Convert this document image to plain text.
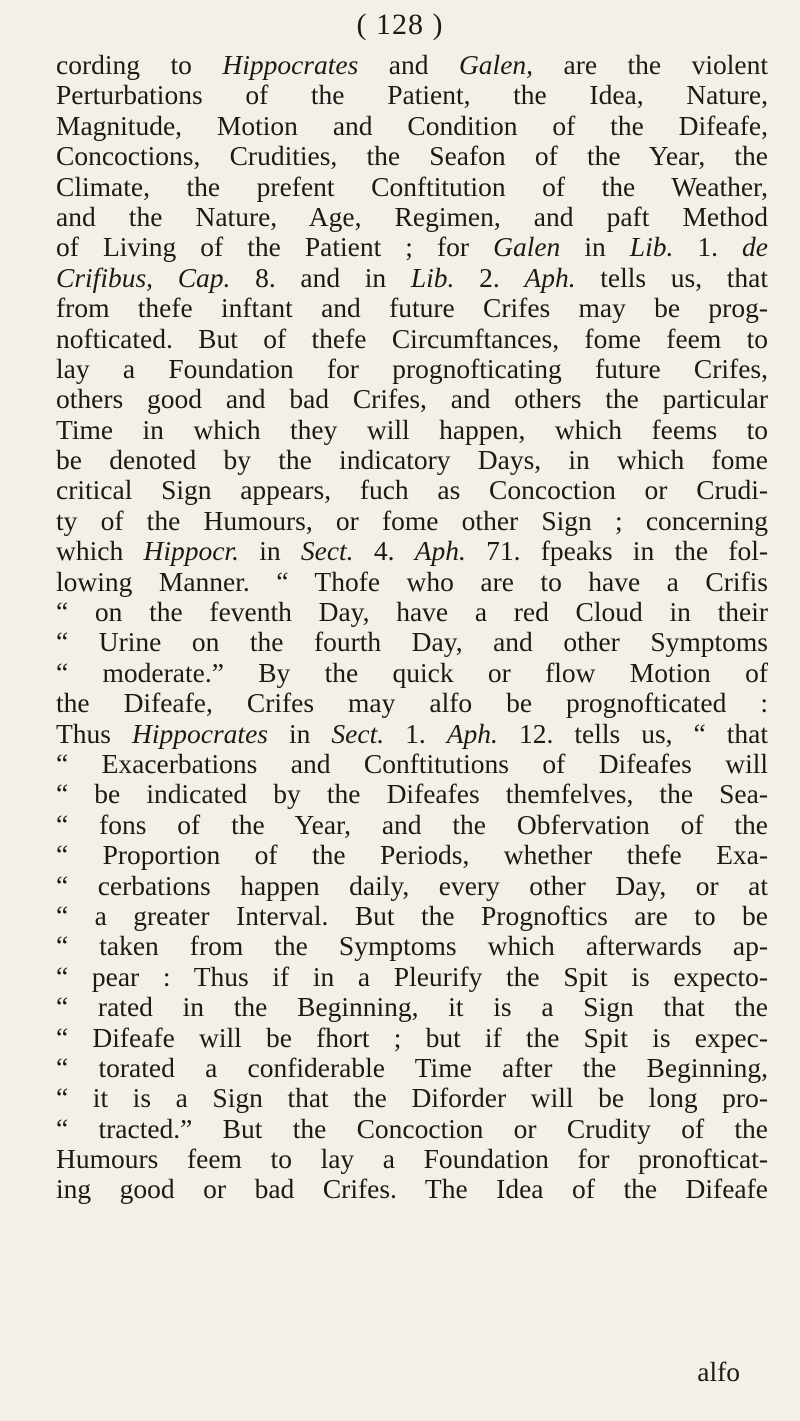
( 128 )
cording to Hippocrates and Galen, are the violent
Perturbations of the Patient, the Idea, Nature,
Magnitude, Motion and Condition of the Difeafe,
Concoctions, Crudities, the Seafon of the Year, the
Climate, the prefent Conftitution of the Weather,
and the Nature, Age, Regimen, and paft Method
of Living of the Patient ; for Galen in Lib. 1. de
Crifibus, Cap. 8. and in Lib. 2. Aph. tells us, that
from thefe inftant and future Crifes may be prog-
nofticated. But of thefe Circumftances, fome feem to
lay a Foundation for prognofticating future Crifes,
others good and bad Crifes, and others the particular
Time in which they will happen, which feems to
be denoted by the indicatory Days, in which fome
critical Sign appears, fuch as Concoction or Crudi-
ty of the Humours, or fome other Sign ; concerning
which Hippocr. in Sect. 4. Aph. 71. fpeaks in the fol-
lowing Manner. “ Thofe who are to have a Crifis
“ on the feventh Day, have a red Cloud in their
“ Urine on the fourth Day, and other Symptoms
“ moderate.” By the quick or flow Motion of
the Difeafe, Crifes may alfo be prognofticated :
Thus Hippocrates in Sect. 1. Aph. 12. tells us, “ that
“ Exacerbations and Conftitutions of Difeafes will
“ be indicated by the Difeafes themfelves, the Sea-
“ fons of the Year, and the Obfervation of the
“ Proportion of the Periods, whether thefe Exa-
“ cerbations happen daily, every other Day, or at
“ a greater Interval. But the Prognoftics are to be
“ taken from the Symptoms which afterwards ap-
“ pear : Thus if in a Pleurify the Spit is expecto-
“ rated in the Beginning, it is a Sign that the
“ Difeafe will be fhort ; but if the Spit is expec-
“ torated a confiderable Time after the Beginning,
“ it is a Sign that the Diforder will be long pro-
“ tracted.” But the Concoction or Crudity of the
Humours feem to lay a Foundation for pronofticat-
ing good or bad Crifes. The Idea of the Difeafe
alfo
